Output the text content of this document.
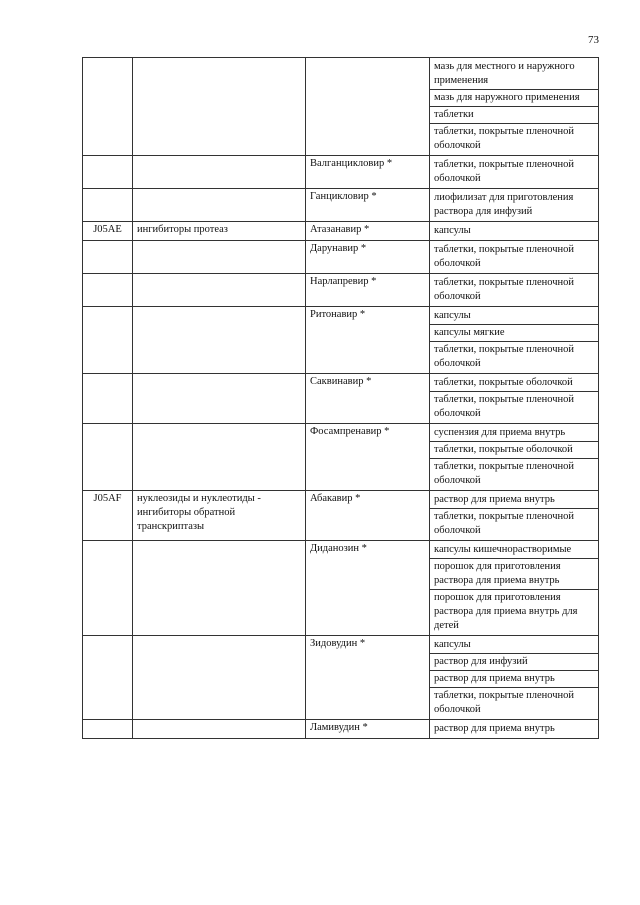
73

			мазь для местного и наружного применения
мазь для наружного применения
таблетки
таблетки, покрытые пленочной оболочкой

		Валганцикловир *	таблетки, покрытые пленочной оболочкой

		Ганцикловир *	лиофилизат для приготовления раствора для инфузий

J05AE	ингибиторы протеаз	Атазанавир *	капсулы

		Дарунавир *	таблетки, покрытые пленочной оболочкой

		Нарлапревир *	таблетки, покрытые пленочной оболочкой

		Ритонавир *	капсулы
капсулы мягкие
таблетки, покрытые пленочной оболочкой

		Саквинавир *	таблетки, покрытые оболочкой
таблетки, покрытые пленочной оболочкой

		Фосампренавир *	суспензия для приема внутрь
таблетки, покрытые оболочкой
таблетки, покрытые пленочной оболочкой

J05AF	нуклеозиды и нуклеотиды - ингибиторы обратной транскриптазы	Абакавир *	раствор для приема внутрь
таблетки, покрытые пленочной оболочкой

		Диданозин *	капсулы кишечнорастворимые
порошок для приготовления раствора для приема внутрь
порошок для приготовления раствора для приема внутрь для детей

		Зидовудин *	капсулы
раствор для инфузий
раствор для приема внутрь
таблетки, покрытые пленочной оболочкой

		Ламивудин *	раствор для приема внутрь
